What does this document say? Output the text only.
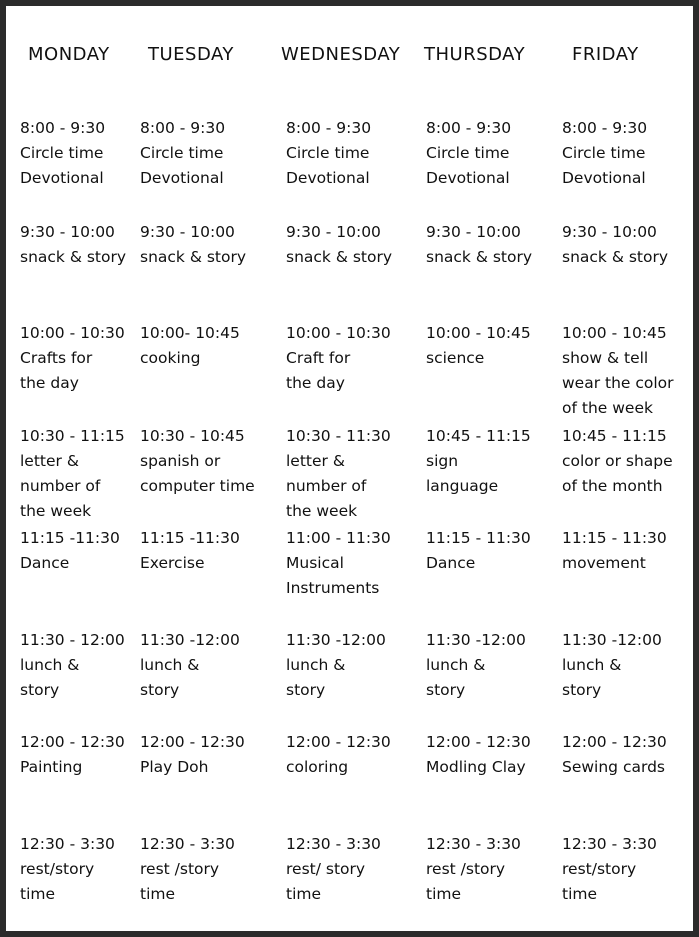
MONDAY TUESDAY	WEDNESDAY THURSDAY	FRIDAY
8:00 - 9:30
Circle time
Devotional
8:00 - 9:30
Circle time
Devotional
8:00 - 9:30
Circle time
Devotional
8:00 - 9:30
Circle time
Devotional
8:00 - 9:30
Circle time
Devotional
9:30 - 10:00
snack & story
9:30 - 10:00
snack & story
9:30 - 10:00
snack & story
9:30 - 10:00
snack & story
9:30 - 10:00
snack & story
10:00 - 10:30
Crafts for
the day
10:00- 10:45
cooking
10:00 - 10:30
Craft for
the day
10:00 - 10:45
science
10:00 - 10:45
show & tell
wear the color
of the week
10:30 - 11:15
letter &
number of
the week
10:30 - 10:45
spanish or
computer time
10:30 - 11:30
letter &
number of
the week
10:45 - 11:15
sign
language
10:45 - 11:15
color or shape
of the month
11:15 -11:30
Dance
11:15 -11:30
Exercise
11:00 - 11:30
Musical
Instruments
11:15 - 11:30
Dance
11:15 - 11:30
movement
11:30 - 12:00
lunch &
story
11:30 -12:00
lunch &
story
11:30 -12:00
lunch &
story
11:30 -12:00
lunch &
story
11:30 -12:00
lunch &
story
12:00 - 12:30
Painting
12:00 - 12:30
Play Doh
12:00 - 12:30
coloring
12:00 - 12:30
Modling Clay
12:00 - 12:30
Sewing cards
12:30 - 3:30
rest/story
time
12:30 - 3:30
rest /story
time
12:30 - 3:30
rest/ story
time
12:30 - 3:30
rest /story
time
12:30 - 3:30
rest/story
time
